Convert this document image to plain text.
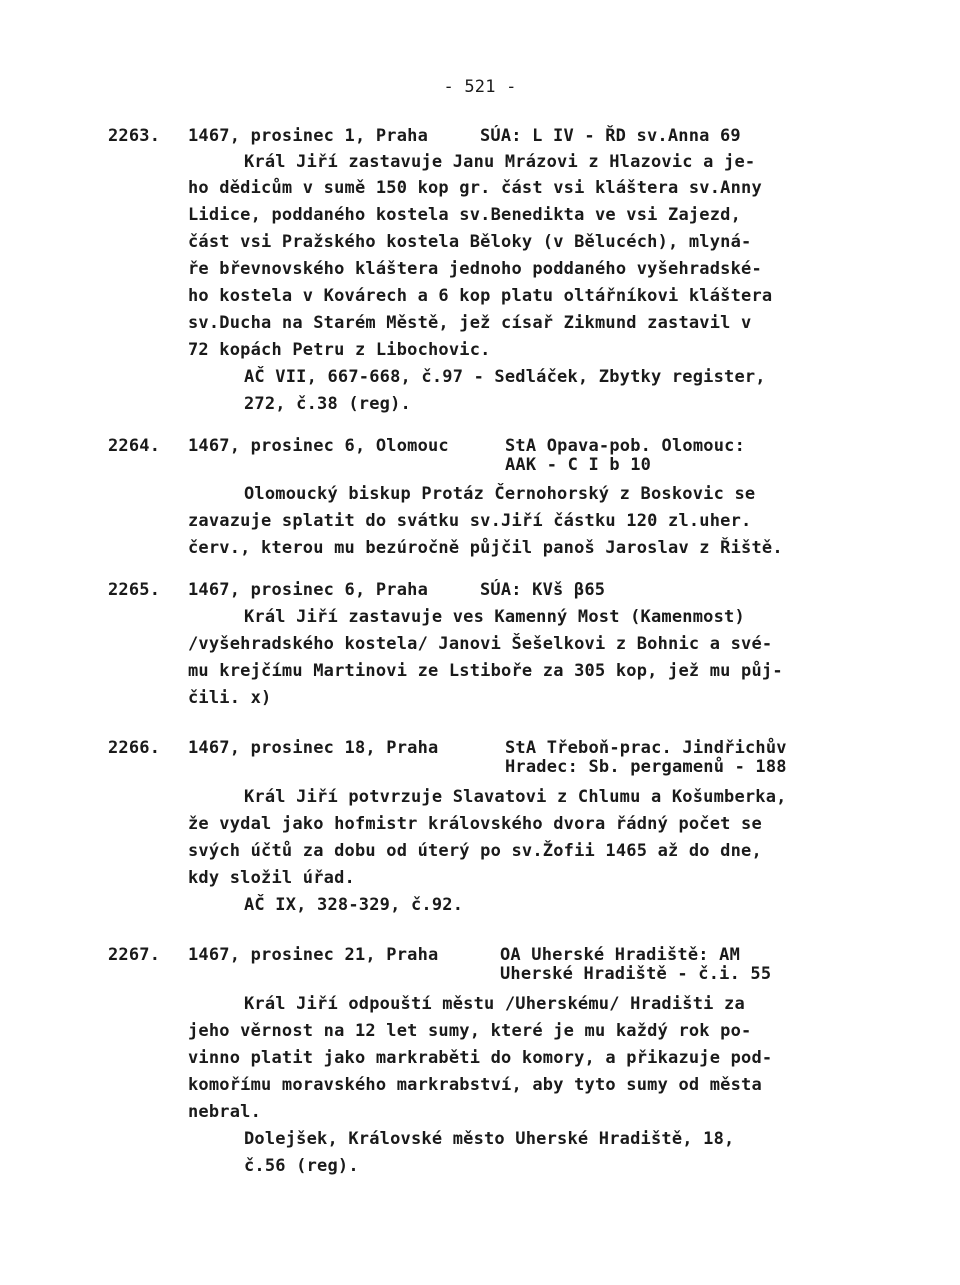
- 521 -
2263. 1467, prosinec 1, Praha	SÚA: L IV - ŘD sv.Anna 69
Král Jiří zastavuje Janu Mrázovi z Hlazovic a je-
ho dědicům v sumě 150 kop gr. část vsi kláštera sv.Anny
Lidice, poddaného kostela sv.Benedikta ve vsi Zajezd,
část vsi Pražského kostela Běloky (v Bělucéch), mlyná-
ře břevnovského kláštera jednoho poddaného vyšehradské-
ho kostela v Kovárech a 6 kop platu oltářníkovi kláštera
sv.Ducha na Starém Městě, jež císař Zikmund zastavil v
72 kopách Petru z Libochovic.
AČ VII, 667-668, č.97 - Sedláček, Zbytky register,
272, č.38 (reg).
2264. 1467, prosinec 6, Olomouc	StA Opava-pob. Olomouc:
AAK - C I b 10
Olomoucký biskup Protáz Černohorský z Boskovic se
zavazuje splatit do svátku sv.Jiří částku 120 zl.uher.
červ., kterou mu bezúročně půjčil panoš Jaroslav z Řiště.
2265. 1467, prosinec 6, Praha	SÚA: KVš β65
Král Jiří zastavuje ves Kamenný Most (Kamenmost)
/vyšehradského kostela/ Janovi Šešelkovi z Bohnic a své-
mu krejčímu Martinovi ze Lstiboře za 305 kop, jež mu půj-
čili. x)
2266. 1467, prosinec 18, Praha	StA Třeboň-prac. Jindřichův
Hradec: Sb. pergamenů - 188
Král Jiří potvrzuje Slavatovi z Chlumu a Košumberka,
že vydal jako hofmistr královského dvora řádný počet se
svých účtů za dobu od úterý po sv.Žofii 1465 až do dne,
kdy složil úřad.
AČ IX, 328-329, č.92.
2267. 1467, prosinec 21, Praha	OA Uherské Hradiště: AM
Uherské Hradiště - č.i. 55
Král Jiří odpouští městu /Uherskému/ Hradišti za
jeho věrnost na 12 let sumy, které je mu každý rok po-
vinno platit jako markraběti do komory, a přikazuje pod-
komořímu moravského markrabství, aby tyto sumy od města
nebral.
Dolejšek, Královské město Uherské Hradiště, 18,
č.56 (reg).
